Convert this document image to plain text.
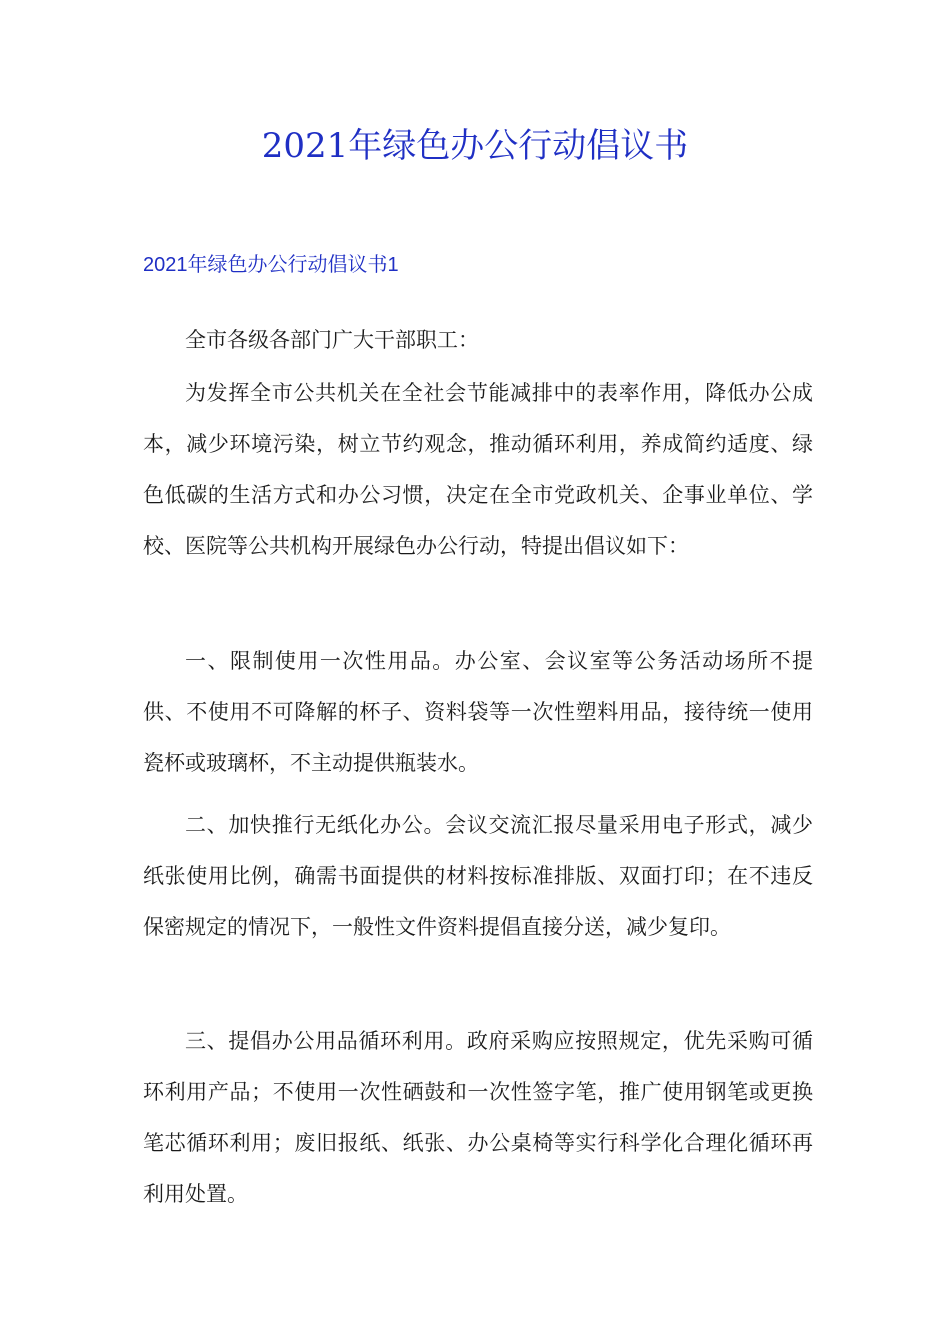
2021年绿色办公行动倡议书
2021年绿色办公行动倡议书1

全市各级各部门广大干部职工：

为发挥全市公共机关在全社会节能减排中的表率作用，降低办公成本，减少环境污染，树立节约观念，推动循环利用，养成简约适度、绿色低碳的生活方式和办公习惯，决定在全市党政机关、企事业单位、学校、医院等公共机构开展绿色办公行动，特提出倡议如下：

一、限制使用一次性用品。办公室、会议室等公务活动场所不提供、不使用不可降解的杯子、资料袋等一次性塑料用品，接待统一使用瓷杯或玻璃杯，不主动提供瓶装水。

二、加快推行无纸化办公。会议交流汇报尽量采用电子形式，减少纸张使用比例，确需书面提供的材料按标准排版、双面打印；在不违反保密规定的情况下，一般性文件资料提倡直接分送，减少复印。

三、提倡办公用品循环利用。政府采购应按照规定，优先采购可循环利用产品；不使用一次性硒鼓和一次性签字笔，推广使用钢笔或更换笔芯循环利用；废旧报纸、纸张、办公桌椅等实行科学化合理化循环再利用处置。
